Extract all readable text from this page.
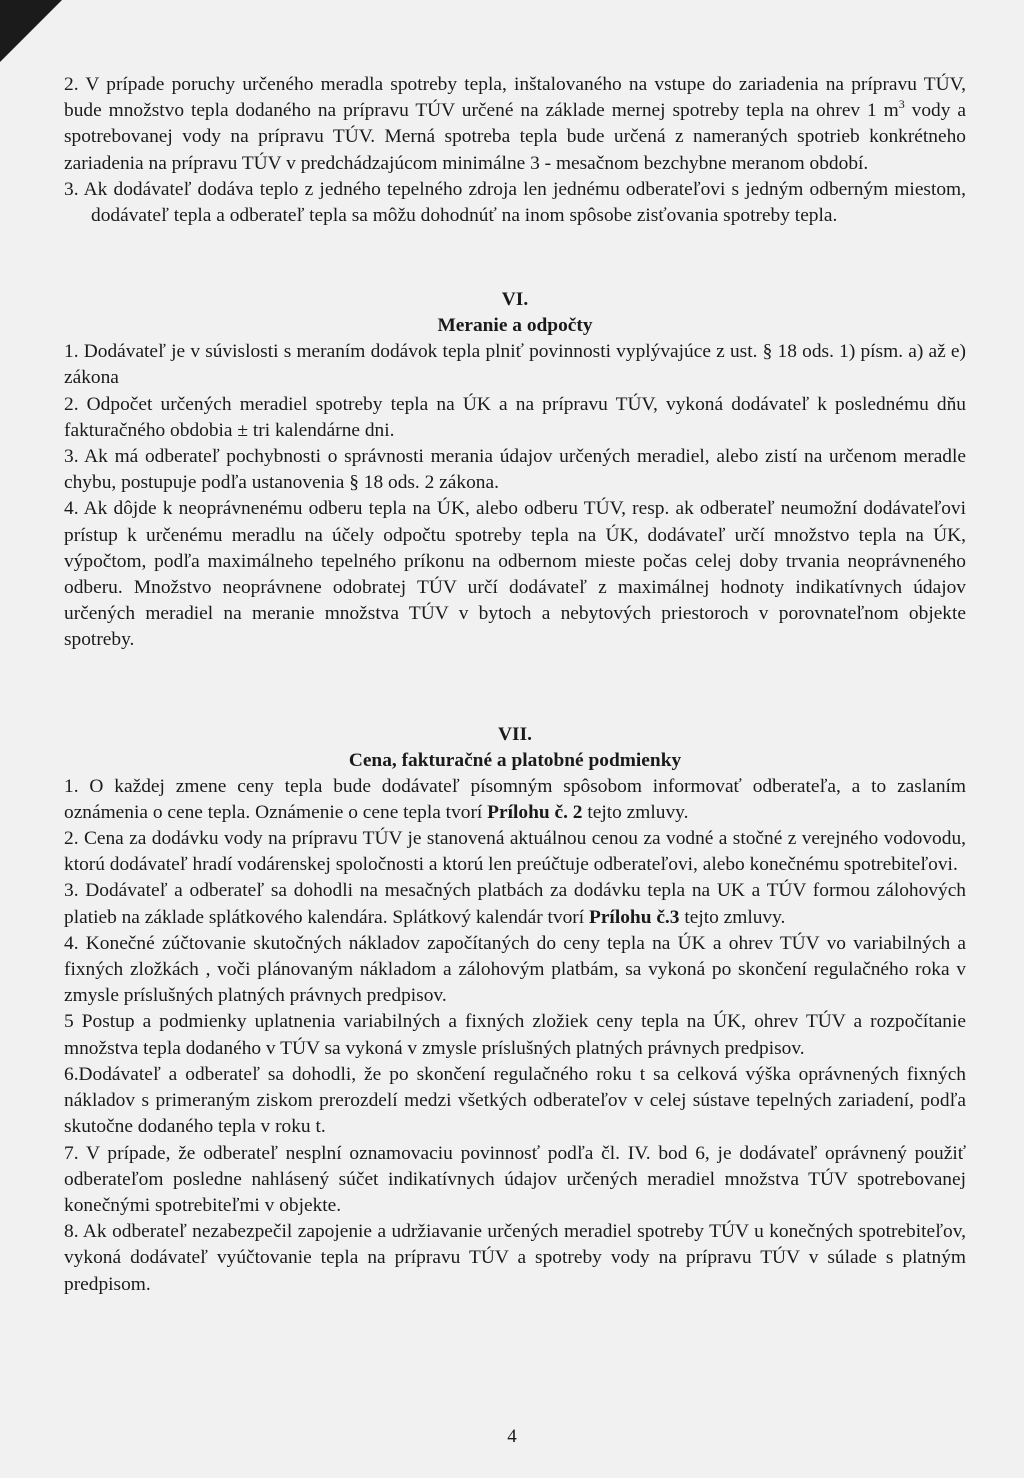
2. V prípade poruchy určeného meradla spotreby tepla, inštalovaného na vstupe do zariadenia na prípravu TÚV, bude množstvo tepla dodaného na prípravu TÚV určené na základe mernej spotreby tepla na ohrev 1 $m^3$ vody a spotrebovanej vody na prípravu TÚV. Merná spotreba tepla bude určená z nameraných spotrieb konkrétneho zariadenia na prípravu TÚV v predchádzajúcom minimálne 3 - mesačnom bezchybne meranom období.

3. Ak dodávateľ dodáva teplo z jedného tepelného zdroja len jednému odberateľovi s jedným odberným miestom, dodávateľ tepla a odberateľ tepla sa môžu dohodnúť na inom spôsobe zisťovania spotreby tepla.

VI.
Meranie a odpočty

1. Dodávateľ je v súvislosti s meraním dodávok tepla plniť povinnosti vyplývajúce z ust. § 18 ods. 1) písm. a) až e) zákona

2. Odpočet určených meradiel spotreby tepla na ÚK a na prípravu TÚV, vykoná dodávateľ k poslednému dňu fakturačného obdobia ± tri kalendárne dni.

3. Ak má odberateľ pochybnosti o správnosti merania údajov určených meradiel, alebo zistí na určenom meradle chybu, postupuje podľa ustanovenia § 18 ods. 2 zákona.

4. Ak dôjde k neoprávnenému odberu tepla na ÚK, alebo odberu TÚV, resp. ak odberateľ neumožní dodávateľovi prístup k určenému meradlu na účely odpočtu spotreby tepla na ÚK, dodávateľ určí množstvo tepla na ÚK, výpočtom, podľa maximálneho tepelného príkonu na odbernom mieste počas celej doby trvania neoprávneného odberu. Množstvo neoprávnene odobratej TÚV určí dodávateľ z maximálnej hodnoty indikatívnych údajov určených meradiel na meranie množstva TÚV v bytoch a nebytových priestoroch v porovnateľnom objekte spotreby.

VII.
Cena, fakturačné a platobné podmienky

1. O každej zmene ceny tepla bude dodávateľ písomným spôsobom informovať odberateľa, a to zaslaním oznámenia o cene tepla. Oznámenie o cene tepla tvorí Prílohu č. 2 tejto zmluvy.

2. Cena za dodávku vody na prípravu TÚV je stanovená aktuálnou cenou za vodné a stočné z verejného vodovodu, ktorú dodávateľ hradí vodárenskej spoločnosti a ktorú len preúčtuje odberateľovi, alebo konečnému spotrebiteľovi.

3. Dodávateľ a odberateľ sa dohodli na mesačných platbách za dodávku tepla na UK a TÚV formou zálohových platieb na základe splátkového kalendára. Splátkový kalendár tvorí Prílohu č.3 tejto zmluvy.

4. Konečné zúčtovanie skutočných nákladov započítaných do ceny tepla na ÚK a ohrev TÚV vo variabilných a fixných zložkách , voči plánovaným nákladom a zálohovým platbám, sa vykoná po skončení regulačného roka v zmysle príslušných platných právnych predpisov.

5 Postup a podmienky uplatnenia variabilných a fixných zložiek ceny tepla na ÚK, ohrev TÚV a rozpočítanie množstva tepla dodaného v TÚV sa vykoná v zmysle príslušných platných právnych predpisov.

6.Dodávateľ a odberateľ sa dohodli, že po skončení regulačného roku t sa celková výška oprávnených fixných nákladov s primeraným ziskom prerozdelí medzi všetkých odberateľov v celej sústave tepelných zariadení, podľa skutočne dodaného tepla v roku t.

7. V prípade, že odberateľ nesplní oznamovaciu povinnosť podľa čl. IV. bod 6, je dodávateľ oprávnený použiť odberateľom posledne nahlásený súčet indikatívnych údajov určených meradiel množstva TÚV spotrebovanej konečnými spotrebiteľmi v objekte.

8. Ak odberateľ nezabezpečil zapojenie a udržiavanie určených meradiel spotreby TÚV u konečných spotrebiteľov, vykoná dodávateľ vyúčtovanie tepla na prípravu TÚV a spotreby vody na prípravu TÚV v súlade s platným predpisom.

4
